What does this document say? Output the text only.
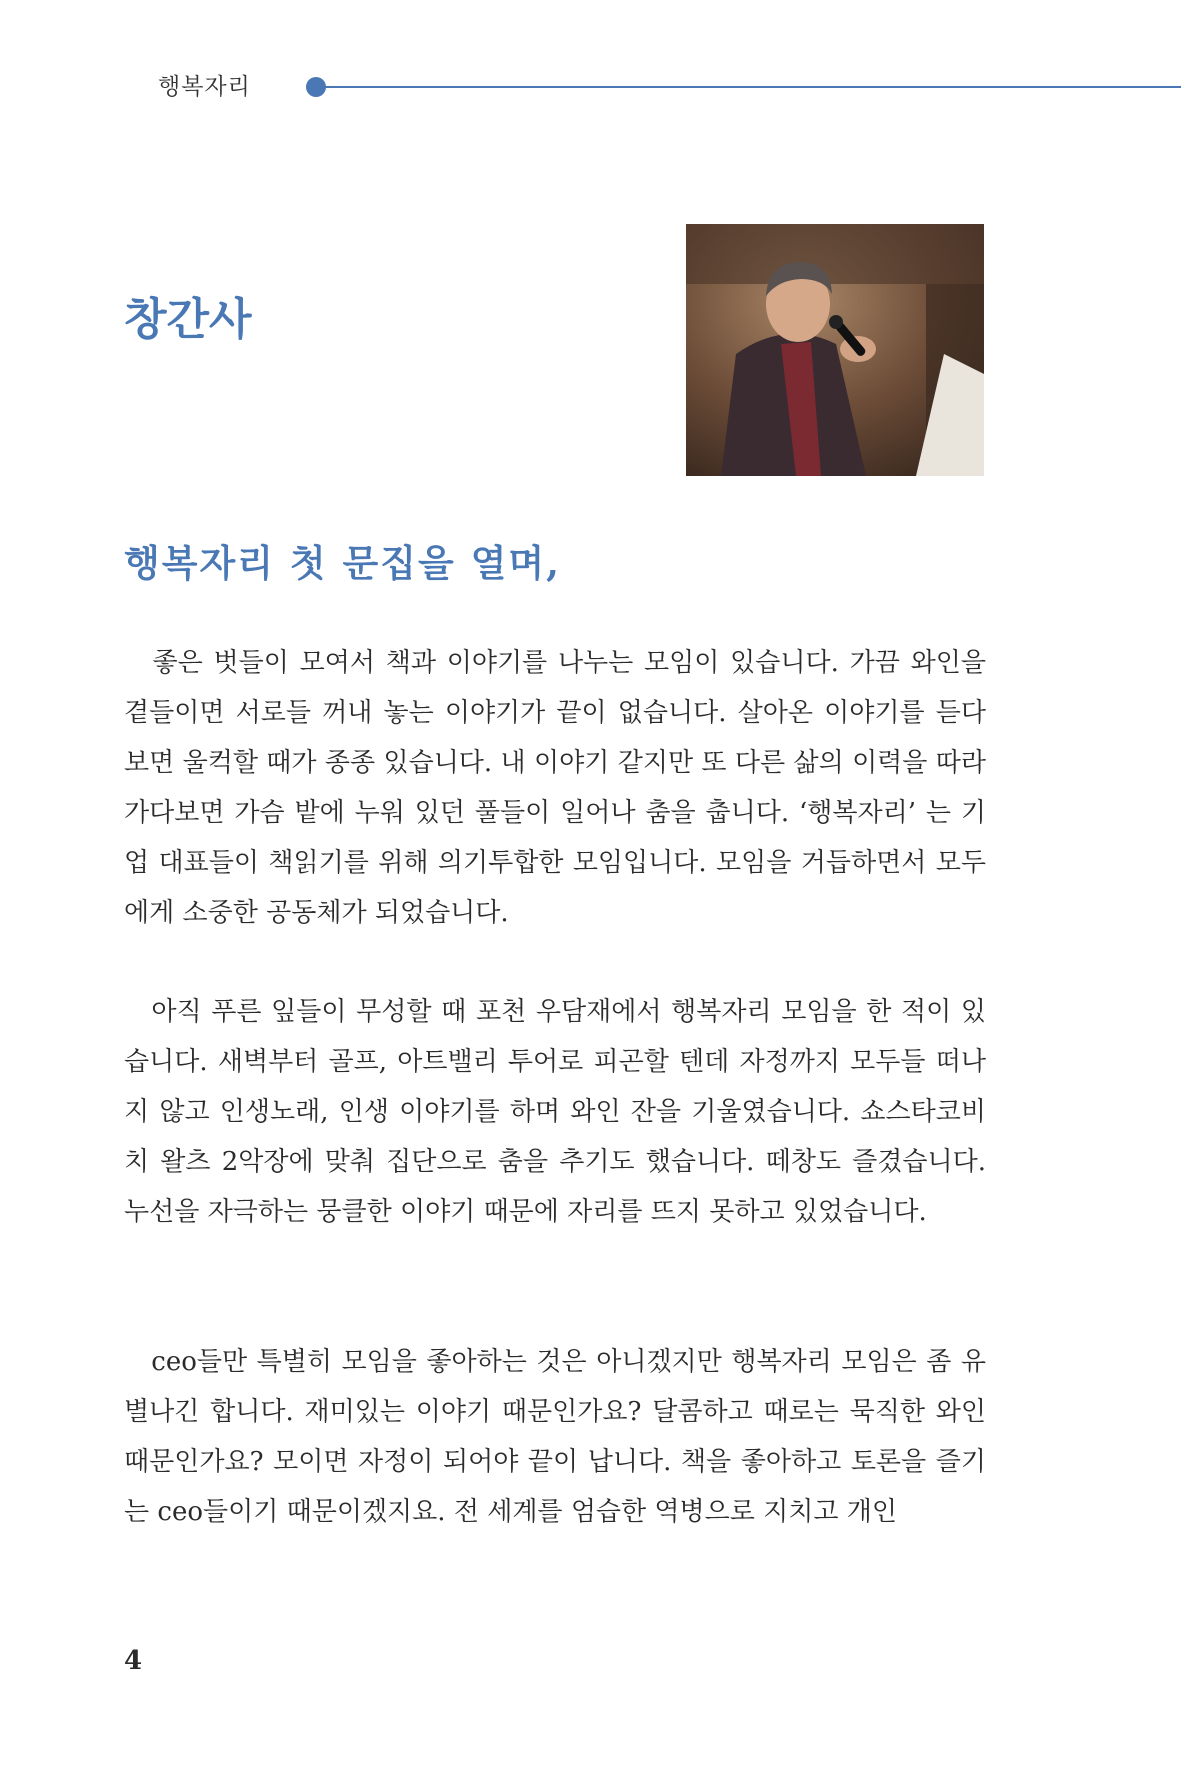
행복자리
창간사
행복자리 첫 문집을 열며,

　좋은 벗들이 모여서 책과 이야기를 나누는 모임이 있습니다. 가끔 와인을 곁들이면 서로들 꺼내 놓는 이야기가 끝이 없습니다. 살아온 이야기를 듣다 보면 울컥할 때가 종종 있습니다. 내 이야기 같지만 또 다른 삶의 이력을 따라가다보면 가슴 밭에 누워 있던 풀들이 일어나 춤을 춥니다. ‘행복자리’ 는 기업 대표들이 책읽기를 위해 의기투합한 모임입니다. 모임을 거듭하면서 모두에게 소중한 공동체가 되었습니다.

　아직 푸른 잎들이 무성할 때 포천 우담재에서 행복자리 모임을 한 적이 있습니다. 새벽부터 골프, 아트밸리 투어로 피곤할 텐데 자정까지 모두들 떠나지 않고 인생노래, 인생 이야기를 하며 와인 잔을 기울였습니다. 쇼스타코비치 왈츠 2악장에 맞춰 집단으로 춤을 추기도 했습니다. 떼창도 즐겼습니다. 누선을 자극하는 뭉클한 이야기 때문에 자리를 뜨지 못하고 있었습니다.

　ceo들만 특별히 모임을 좋아하는 것은 아니겠지만 행복자리 모임은 좀 유별나긴 합니다. 재미있는 이야기 때문인가요? 달콤하고 때로는 묵직한 와인 때문인가요? 모이면 자정이 되어야 끝이 납니다. 책을 좋아하고 토론을 즐기는 ceo들이기 때문이겠지요. 전 세계를 엄습한 역병으로 지치고 개인

4
